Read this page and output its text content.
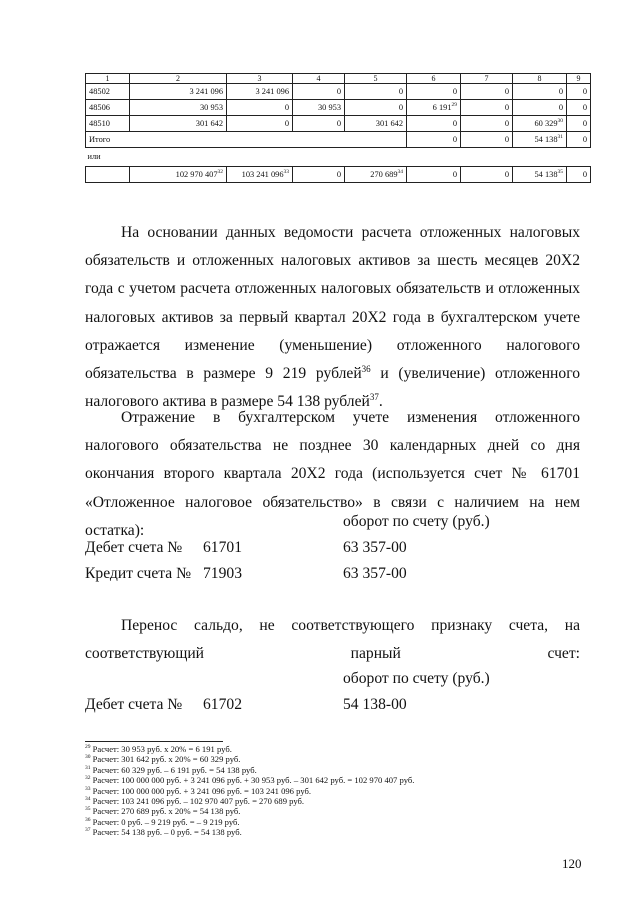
1	2	3	4	5	6	7	8	9
48502	3 241 096	3 241 096	0	0	0	0	0	0
48506	30 953	0	30 953	0	6 $191^{29}$	0	0	0
48510	301 642	0	0	301 642	0	0	60 $329^{30}$	0
Итого					0	0	54 $138^{31}$	0
или								
	102 970 $407^{32}$	103 241 $096^{33}$	0	270 $689^{34}$	0	0	54 $138^{35}$	0

На основании данных ведомости расчета отложенных налоговых обязательств и отложенных налоговых активов за шесть месяцев 20Х2 года с учетом расчета отложенных налоговых обязательств и отложенных налоговых активов за первый квартал 20Х2 года в бухгалтерском учете отражается изменение (уменьшение) отложенного налогового обязательства в размере 9 219 рублей$^{36}$ и (увеличение) отложенного налогового актива в размере 54 138 рублей$^{37}$.

Отражение в бухгалтерском учете изменения отложенного налогового обязательства не позднее 30 календарных дней со дня окончания второго квартала 20Х2 года (используется счет № 61701 «Отложенное налоговое обязательство» в связи с наличием на нем остатка):

оборот по счету (руб.)
Дебет счета № 61701	63 357-00
Кредит счета № 71903	63 357-00

Перенос сальдо, не соответствующего признаку счета, на соответствующий парный счет:

оборот по счету (руб.)
Дебет счета № 61702	54 138-00
$^{29}$ Расчет: 30 953 руб. х 20% = 6 191 руб.
$^{30}$ Расчет: 301 642 руб. х 20% = 60 329 руб.
$^{31}$ Расчет: 60 329 руб. – 6 191 руб. = 54 138 руб.
$^{32}$ Расчет: 100 000 000 руб. + 3 241 096 руб. + 30 953 руб. – 301 642 руб. = 102 970 407 руб.
$^{33}$ Расчет: 100 000 000 руб. + 3 241 096 руб. = 103 241 096 руб.
$^{34}$ Расчет: 103 241 096 руб. – 102 970 407 руб. = 270 689 руб.
$^{35}$ Расчет: 270 689 руб. х 20% = 54 138 руб.
$^{36}$ Расчет: 0 руб. – 9 219 руб. = – 9 219 руб.
$^{37}$ Расчет: 54 138 руб. – 0 руб. = 54 138 руб.
120
